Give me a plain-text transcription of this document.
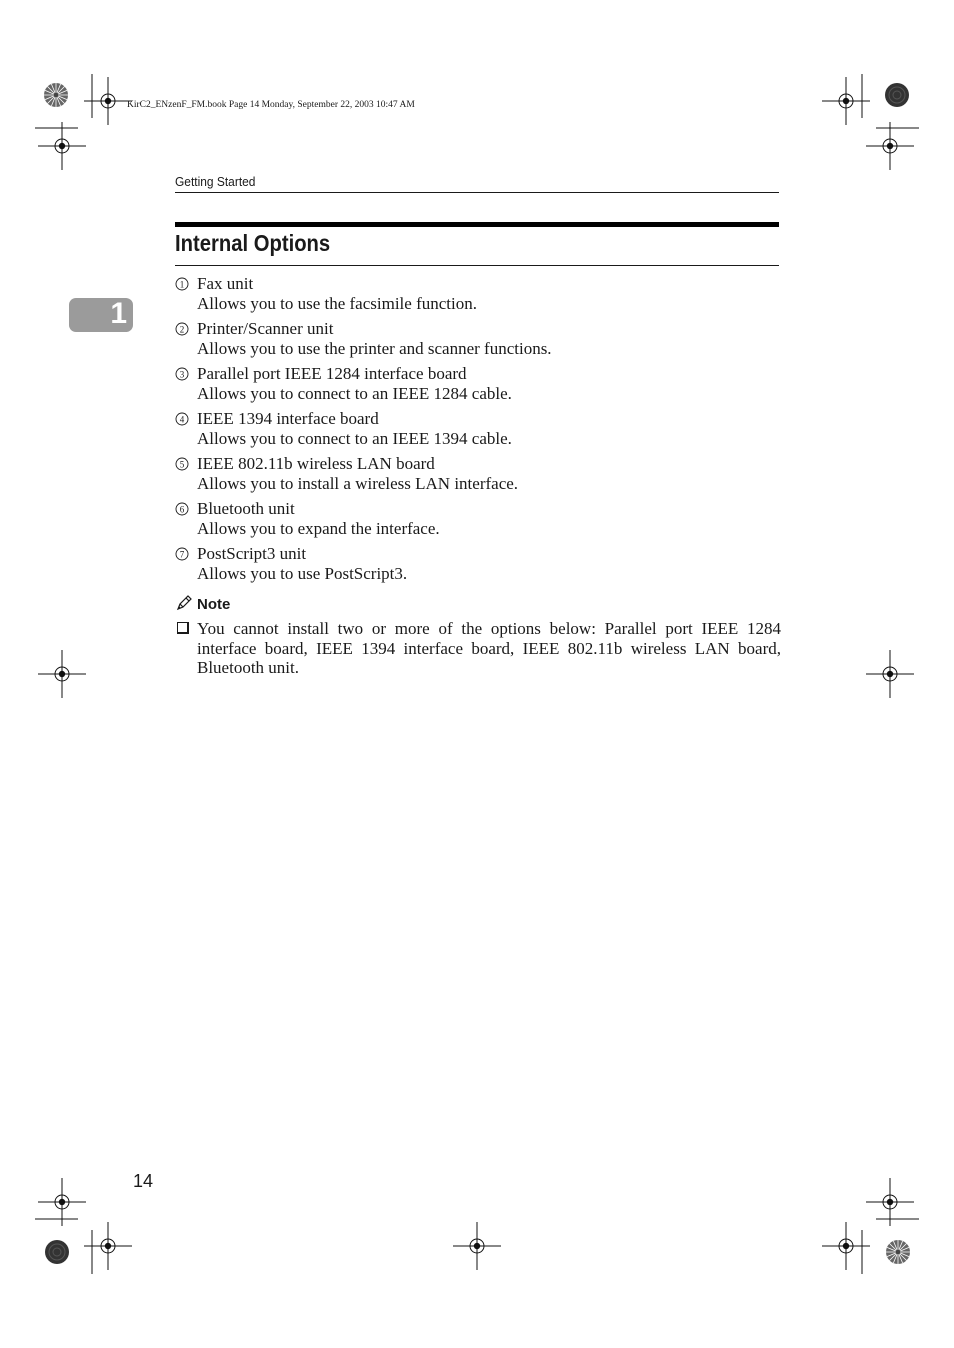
KirC2_ENzenF_FM.book Page 14 Monday, September 22, 2003 10:47 AM
Getting Started
1
Internal Options
1 Fax unit
Allows you to use the facsimile function.
2 Printer/Scanner unit
Allows you to use the printer and scanner functions.
3 Parallel port IEEE 1284 interface board
Allows you to connect to an IEEE 1284 cable.
4 IEEE 1394 interface board
Allows you to connect to an IEEE 1394 cable.
5 IEEE 802.11b wireless LAN board
Allows you to install a wireless LAN interface.
6 Bluetooth unit
Allows you to expand the interface.
7 PostScript3 unit
Allows you to use PostScript3.
Note
You cannot install two or more of the options below: Parallel port IEEE 1284 interface board, IEEE 1394 interface board, IEEE 802.11b wireless LAN board, Bluetooth unit.
14
